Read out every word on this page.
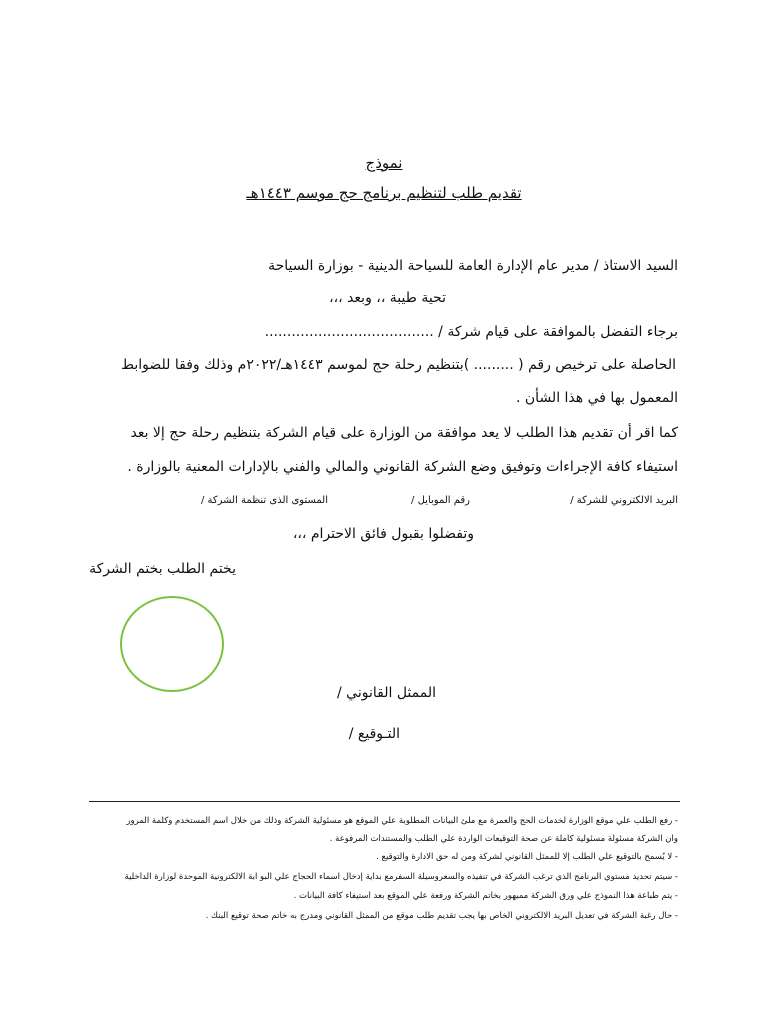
نموذج
تقديم طلب لتنظيم برنامج حج موسم ١٤٤٣هـ
السيد الاستاذ / مدير عام الإدارة العامة للسياحة الدينية - بوزارة السياحة
تحية طيبة ،، وبعد ،،،
برجاء التفضل بالموافقة على قيام شركة / ......................................
الحاصلة على ترخيص رقم ( ......... )بتنظيم رحلة حج لموسم ١٤٤٣هـ/٢٠٢٢م وذلك وفقا للضوابط
المعمول بها في هذا الشأن .
كما اقر أن تقديم هذا الطلب لا يعد موافقة من الوزارة على قيام الشركة بتنظيم رحلة حج إلا بعد
استيفاء كافة الإجراءات وتوفيق وضع الشركة القانوني والمالي والفني بالإدارات المعنية بالوزارة .
البريد الالكتروني للشركة /
رقم الموبايل /
المستوى الذى تنظمة الشركة /
وتفضلوا بقبول فائق الاحترام ،،،
يختم الطلب بختم الشركة
الممثل القانوني /
التـوقيع /
- رفع الطلب علي موقع الوزارة لخدمات الحج والعمرة مع ملئ البيانات المطلوبة علي الموقع هو مسئولية الشركة وذلك من خلال اسم المستخدم وكلمة المرور
وان الشركة مسئولة مسئولية كاملة عن صحة التوقيعات الواردة علي الطلب والمستندات المرفوعة .
- لا يُسمح بالتوقيع علي الطلب إلا للممثل القانوني لشركة ومن له حق الادارة والتوقيع .
- سيتم تحديد مستوي البرنامج الذي ترغب الشركة في تنفيذه والسعروسيلة السفرمع بداية إدخال اسماء الحجاج علي البو ابة الالكترونية الموحدة لوزارة الداخلية
- يتم طباعة هذا النموذج علي ورق الشركة مميهور بخاتم الشركة ورفعة علي الموقع بعد استيفاء كافة البيانات .
- حال رغبة الشركة في تعديل البريد الالكتروني الخاص بها يجب تقديم طلب موقع من الممثل القانوني ومدرج به خاتم صحة توقيع البنك .
